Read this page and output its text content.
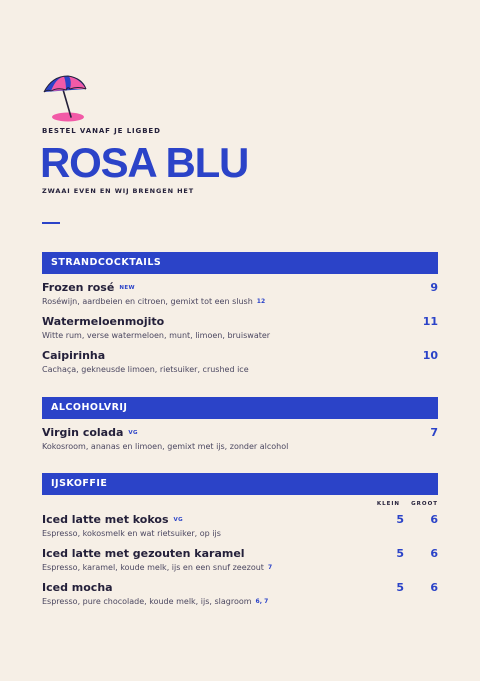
BESTEL VANAF JE LIGBED
ROSA BLU
ZWAAI EVEN EN WIJ BRENGEN HET
STRANDCOCKTAILS
Frozen rosé NEW
Roséwijn, aardbeien en citroen, gemixt tot een slush 12
9
Watermeloenmojito
Witte rum, verse watermeloen, munt, limoen, bruiswater
11
Caipirinha
Cachaça, gekneusde limoen, rietsuiker, crushed ice
10
ALCOHOLVRIJ
Virgin colada VG
Kokosroom, ananas en limoen, gemixt met ijs, zonder alcohol
7
IJSKOFFIE
KLEIN GROOT
Iced latte met kokos VG
Espresso, kokosmelk en wat rietsuiker, op ijs
5 6
Iced latte met gezouten karamel
Espresso, karamel, koude melk, ijs en een snuf zeezout 7
5 6
Iced mocha
Espresso, pure chocolade, koude melk, ijs, slagroom 6, 7
5 6
